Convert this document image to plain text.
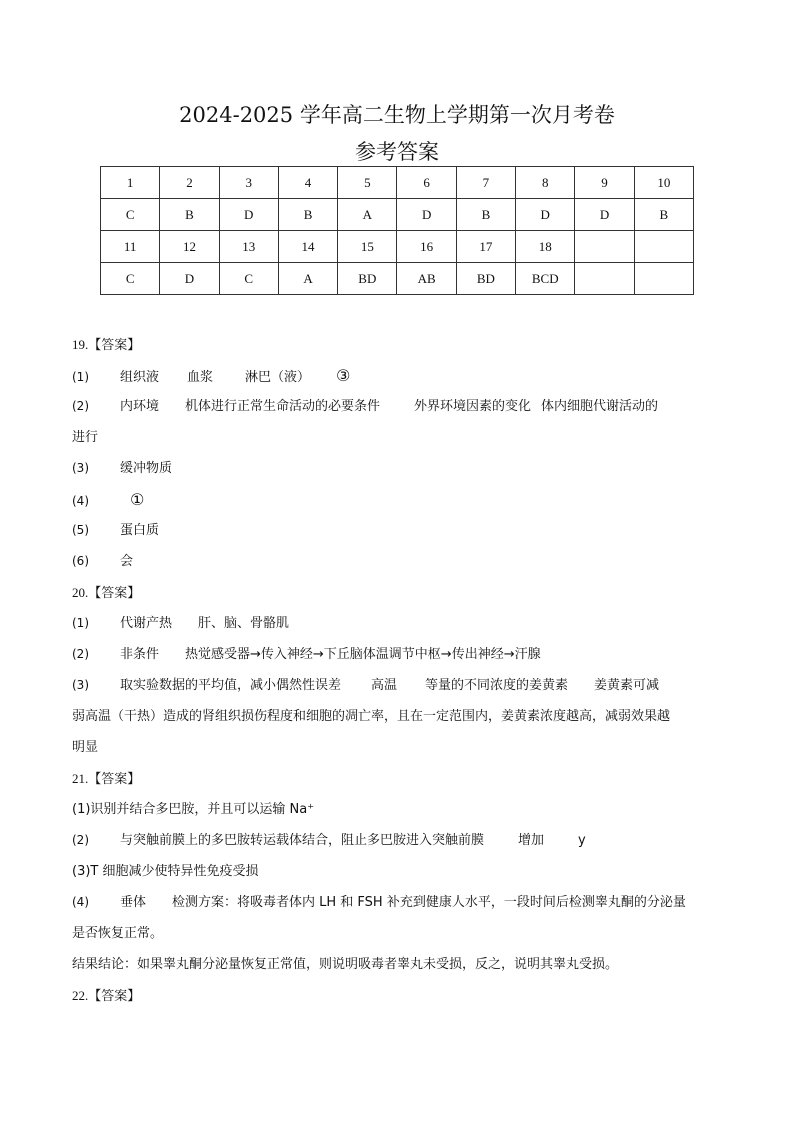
2024-2025 学年高二生物上学期第一次月考卷
参考答案
1	2	3	4	5	6	7	8	9	10
C	B	D	B	A	D	B	D	D	B
11	12	13	14	15	16	17	18		
C	D	C	A	BD	AB	BD	BCD		
19.【答案】
(1) 组织液 血浆 淋巴（液） ③
(2) 内环境 机体进行正常生命活动的必要条件	外界环境因素的变化 体内细胞代谢活动的
进行
(3) 缓冲物质
(4)	①
(5) 蛋白质
(6) 会
20.【答案】
(1) 代谢产热 肝、脑、骨骼肌
(2) 非条件 热觉感受器→传入神经→下丘脑体温调节中枢→传出神经→汗腺
(3) 取实验数据的平均值，减小偶然性误差 高温 等量的不同浓度的姜黄素 姜黄素可减
弱高温（干热）造成的肾组织损伤程度和细胞的凋亡率，且在一定范围内，姜黄素浓度越高，减弱效果越
明显
21.【答案】
(1)识别并结合多巴胺，并且可以运输 Na⁺
(2) 与突触前膜上的多巴胺转运载体结合，阻止多巴胺进入突触前膜	增加	y
(3)T 细胞减少使特异性免疫受损
(4) 垂体 检测方案：将吸毒者体内 LH 和 FSH 补充到健康人水平，一段时间后检测睾丸酮的分泌量
是否恢复正常。
结果结论：如果睾丸酮分泌量恢复正常值，则说明吸毒者睾丸未受损，反之，说明其睾丸受损。
22.【答案】
